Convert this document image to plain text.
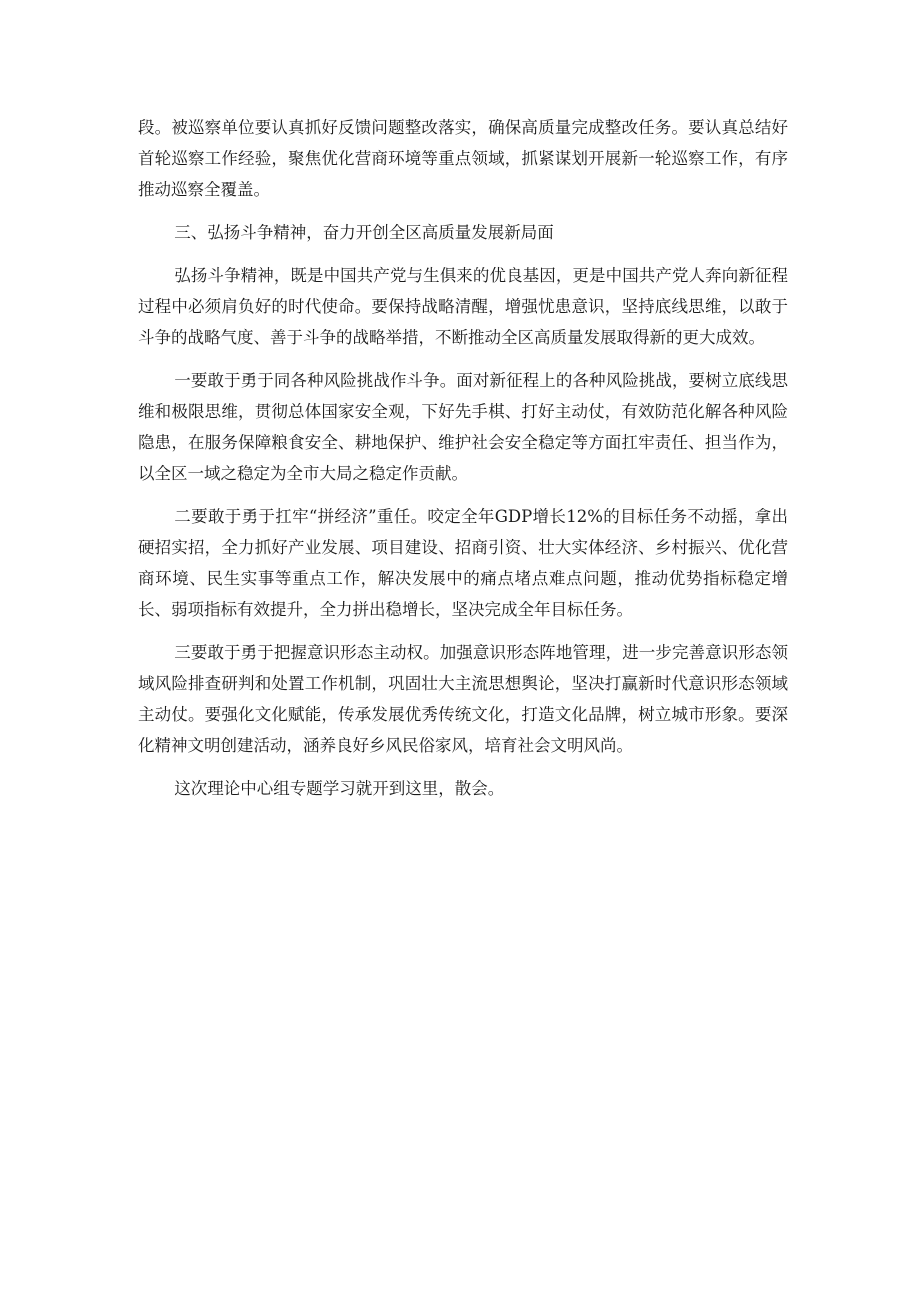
段。被巡察单位要认真抓好反馈问题整改落实，确保高质量完成整改任务。要认真总结好首轮巡察工作经验，聚焦优化营商环境等重点领域，抓紧谋划开展新一轮巡察工作，有序推动巡察全覆盖。

三、弘扬斗争精神，奋力开创全区高质量发展新局面

弘扬斗争精神，既是中国共产党与生俱来的优良基因，更是中国共产党人奔向新征程过程中必须肩负好的时代使命。要保持战略清醒，增强忧患意识，坚持底线思维，以敢于斗争的战略气度、善于斗争的战略举措，不断推动全区高质量发展取得新的更大成效。

一要敢于勇于同各种风险挑战作斗争。面对新征程上的各种风险挑战，要树立底线思维和极限思维，贯彻总体国家安全观，下好先手棋、打好主动仗，有效防范化解各种风险隐患，在服务保障粮食安全、耕地保护、维护社会安全稳定等方面扛牢责任、担当作为，以全区一域之稳定为全市大局之稳定作贡献。

二要敢于勇于扛牢“拼经济”重任。咬定全年GDP增长12%的目标任务不动摇，拿出硬招实招，全力抓好产业发展、项目建设、招商引资、壮大实体经济、乡村振兴、优化营商环境、民生实事等重点工作，解决发展中的痛点堵点难点问题，推动优势指标稳定增长、弱项指标有效提升，全力拼出稳增长，坚决完成全年目标任务。

三要敢于勇于把握意识形态主动权。加强意识形态阵地管理，进一步完善意识形态领域风险排查研判和处置工作机制，巩固壮大主流思想舆论，坚决打赢新时代意识形态领域主动仗。要强化文化赋能，传承发展优秀传统文化，打造文化品牌，树立城市形象。要深化精神文明创建活动，涵养良好乡风民俗家风，培育社会文明风尚。

这次理论中心组专题学习就开到这里，散会。
